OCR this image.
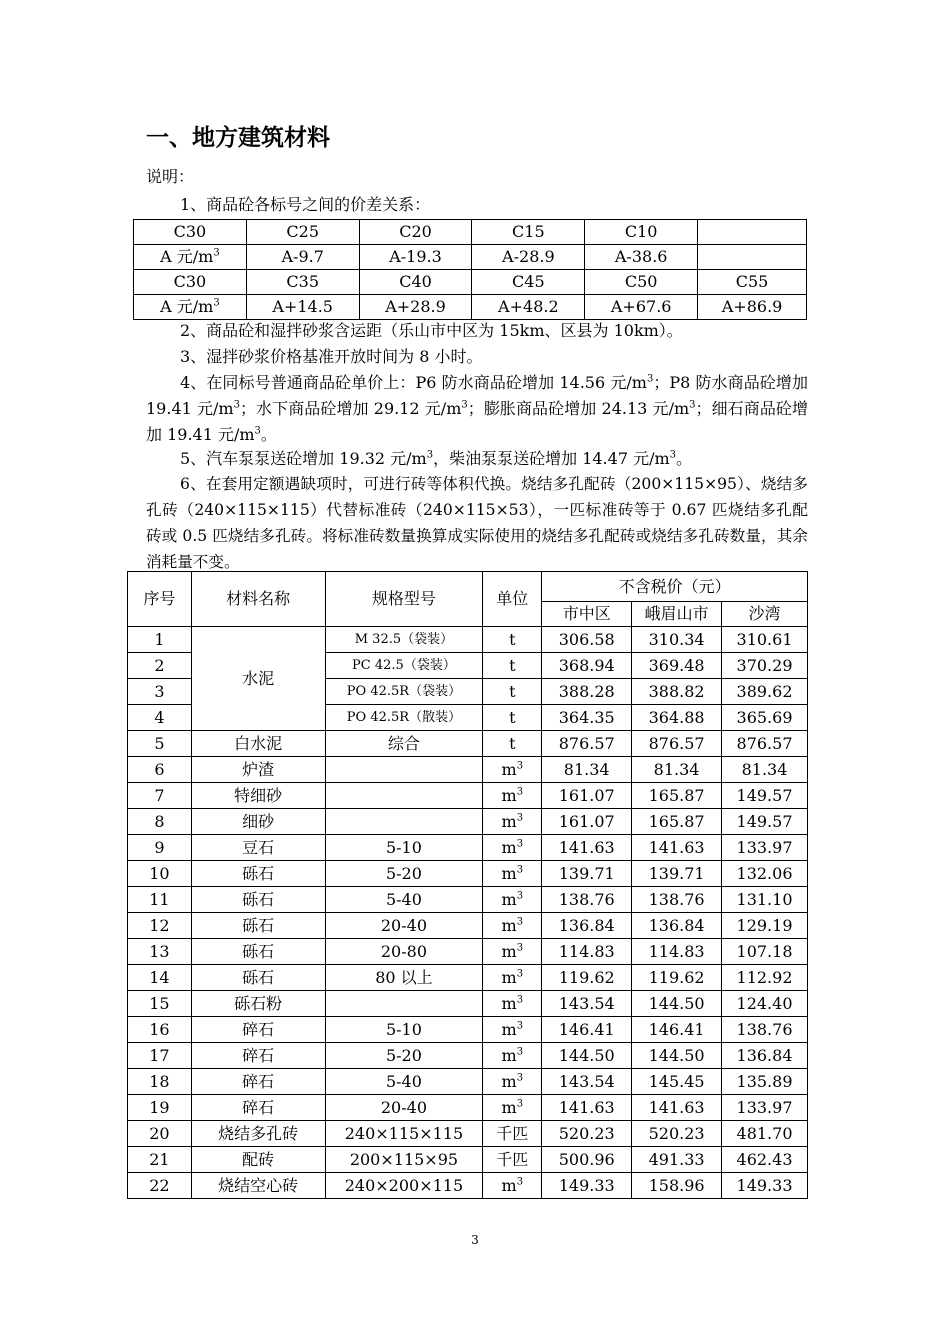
一、地方建筑材料
说明：
1、商品砼各标号之间的价差关系：
C30	C25	C20	C15	C10	
A 元$/m^3$	A-9.7	A-19.3	A-28.9	A-38.6	
C30	C35	C40	C45	C50	C55
A 元$/m^3$	A+14.5	A+28.9	A+48.2	A+67.6	A+86.9
2、商品砼和湿拌砂浆含运距（乐山市中区为 15km、区县为 10km）。
3、湿拌砂浆价格基准开放时间为 8 小时。
4、在同标号普通商品砼单价上：P6 防水商品砼增加 14.56 元$/m^3$；P8 防水商品砼增加 19.41 元$/m^3$；水下商品砼增加 29.12 元$/m^3$；膨胀商品砼增加 24.13 元$/m^3$；细石商品砼增加 19.41 元$/m^3$。
5、汽车泵泵送砼增加 19.32 元$/m^3$，柴油泵泵送砼增加 14.47 元$/m^3$。
6、在套用定额遇缺项时，可进行砖等体积代换。烧结多孔配砖（200×115×95）、烧结多孔砖（240×115×115）代替标准砖（240×115×53），一匹标准砖等于 0.67 匹烧结多孔配砖或 0.5 匹烧结多孔砖。将标准砖数量换算成实际使用的烧结多孔配砖或烧结多孔砖数量，其余消耗量不变。
序号	材料名称	规格型号	单位	不含税价（元）		
				市中区	峨眉山市	沙湾
1	水泥	M 32.5（袋装）	t	306.58	310.34	310.61
2		PC 42.5（袋装）	t	368.94	369.48	370.29
3		PO 42.5R（袋装）	t	388.28	388.82	389.62
4		PO 42.5R（散装）	t	364.35	364.88	365.69
5	白水泥	综合	t	876.57	876.57	876.57
6	炉渣		$m^3$	81.34	81.34	81.34
7	特细砂		$m^3$	161.07	165.87	149.57
8	细砂		$m^3$	161.07	165.87	149.57
9	豆石	5-10	$m^3$	141.63	141.63	133.97
10	砾石	5-20	$m^3$	139.71	139.71	132.06
11	砾石	5-40	$m^3$	138.76	138.76	131.10
12	砾石	20-40	$m^3$	136.84	136.84	129.19
13	砾石	20-80	$m^3$	114.83	114.83	107.18
14	砾石	80 以上	$m^3$	119.62	119.62	112.92
15	砾石粉		$m^3$	143.54	144.50	124.40
16	碎石	5-10	$m^3$	146.41	146.41	138.76
17	碎石	5-20	$m^3$	144.50	144.50	136.84
18	碎石	5-40	$m^3$	143.54	145.45	135.89
19	碎石	20-40	$m^3$	141.63	141.63	133.97
20	烧结多孔砖	240×115×115	千匹	520.23	520.23	481.70
21	配砖	200×115×95	千匹	500.96	491.33	462.43
22	烧结空心砖	240×200×115	$m^3$	149.33	158.96	149.33
3
